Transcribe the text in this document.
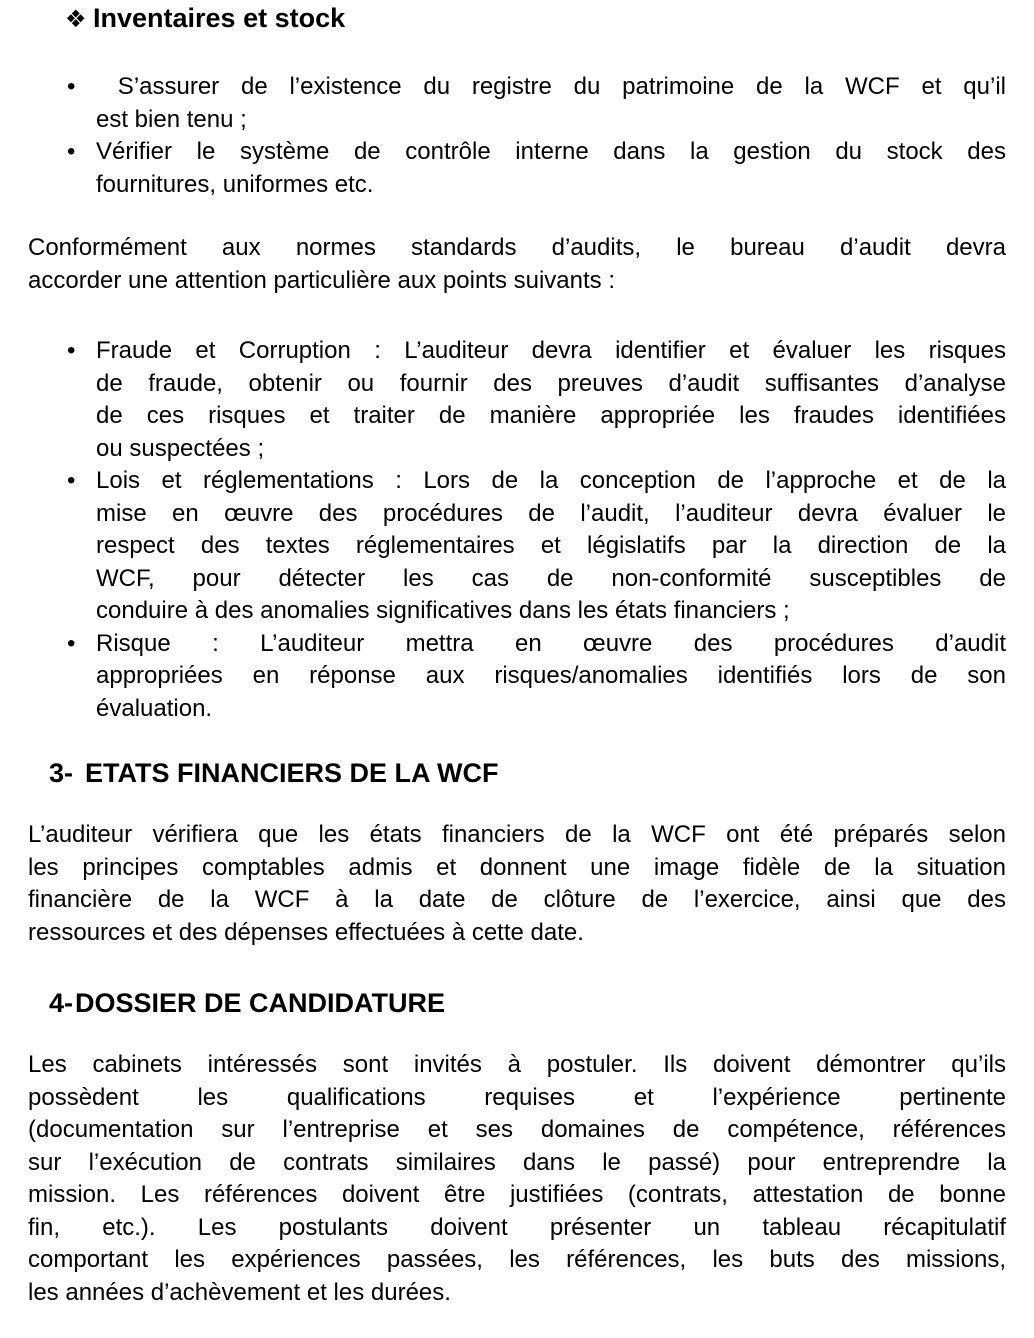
❖ Inventaires et stock
• S’assurer de l’existence du registre du patrimoine de la WCF et qu’il
est bien tenu ;
• Vérifier le système de contrôle interne dans la gestion du stock des
fournitures, uniformes etc.

Conformément aux normes standards d’audits, le bureau d’audit devra
accorder une attention particulière aux points suivants :

• Fraude et Corruption : L’auditeur devra identifier et évaluer les risques
de fraude, obtenir ou fournir des preuves d’audit suffisantes d’analyse
de ces risques et traiter de manière appropriée les fraudes identifiées
ou suspectées ;
• Lois et réglementations : Lors de la conception de l’approche et de la
mise en œuvre des procédures de l’audit, l’auditeur devra évaluer le
respect des textes réglementaires et législatifs par la direction de la
WCF, pour détecter les cas de non-conformité susceptibles de
conduire à des anomalies significatives dans les états financiers ;
• Risque : L’auditeur mettra en œuvre des procédures d’audit
appropriées en réponse aux risques/anomalies identifiés lors de son
évaluation.
3- ETATS FINANCIERS DE LA WCF

L’auditeur vérifiera que les états financiers de la WCF ont été préparés selon
les principes comptables admis et donnent une image fidèle de la situation
financière de la WCF à la date de clôture de l’exercice, ainsi que des
ressources et des dépenses effectuées à cette date.

4-DOSSIER DE CANDIDATURE

Les cabinets intéressés sont invités à postuler. Ils doivent démontrer qu’ils
possèdent les qualifications requises et l’expérience pertinente
(documentation sur l’entreprise et ses domaines de compétence, références
sur l’exécution de contrats similaires dans le passé) pour entreprendre la
mission. Les références doivent être justifiées (contrats, attestation de bonne
fin, etc.). Les postulants doivent présenter un tableau récapitulatif
comportant les expériences passées, les références, les buts des missions,
les années d’achèvement et les durées.
